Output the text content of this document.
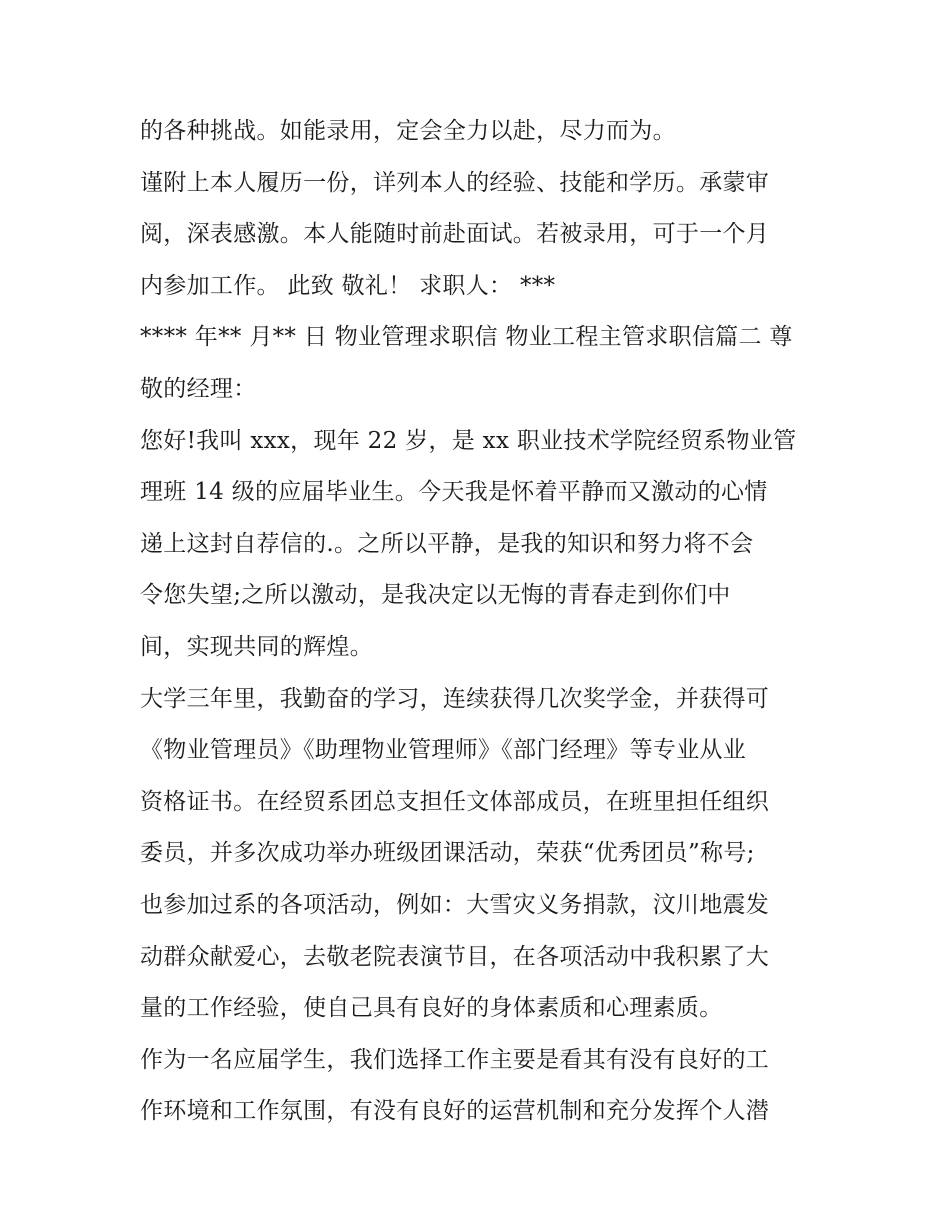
的各种挑战。如能录用，定会全力以赴，尽力而为。
谨附上本人履历一份，详列本人的经验、技能和学历。承蒙审
阅，深表感激。本人能随时前赴面试。若被录用，可于一个月
内参加工作。 此致 敬礼！ 求职人： ***
**** 年** 月** 日 物业管理求职信 物业工程主管求职信篇二 尊
敬的经理：
您好!我叫 xxx，现年 22 岁，是 xx 职业技术学院经贸系物业管
理班 14 级的应届毕业生。今天我是怀着平静而又激动的心情
递上这封自荐信的.。之所以平静，是我的知识和努力将不会
令您失望;之所以激动，是我决定以无悔的青春走到你们中
间，实现共同的辉煌。
大学三年里，我勤奋的学习，连续获得几次奖学金，并获得可
《物业管理员》《助理物业管理师》《部门经理》等专业从业
资格证书。在经贸系团总支担任文体部成员，在班里担任组织
委员，并多次成功举办班级团课活动，荣获“优秀团员”称号;
也参加过系的各项活动，例如：大雪灾义务捐款，汶川地震发
动群众献爱心，去敬老院表演节目，在各项活动中我积累了大
量的工作经验，使自己具有良好的身体素质和心理素质。
作为一名应届学生，我们选择工作主要是看其有没有良好的工
作环境和工作氛围，有没有良好的运营机制和充分发挥个人潜
